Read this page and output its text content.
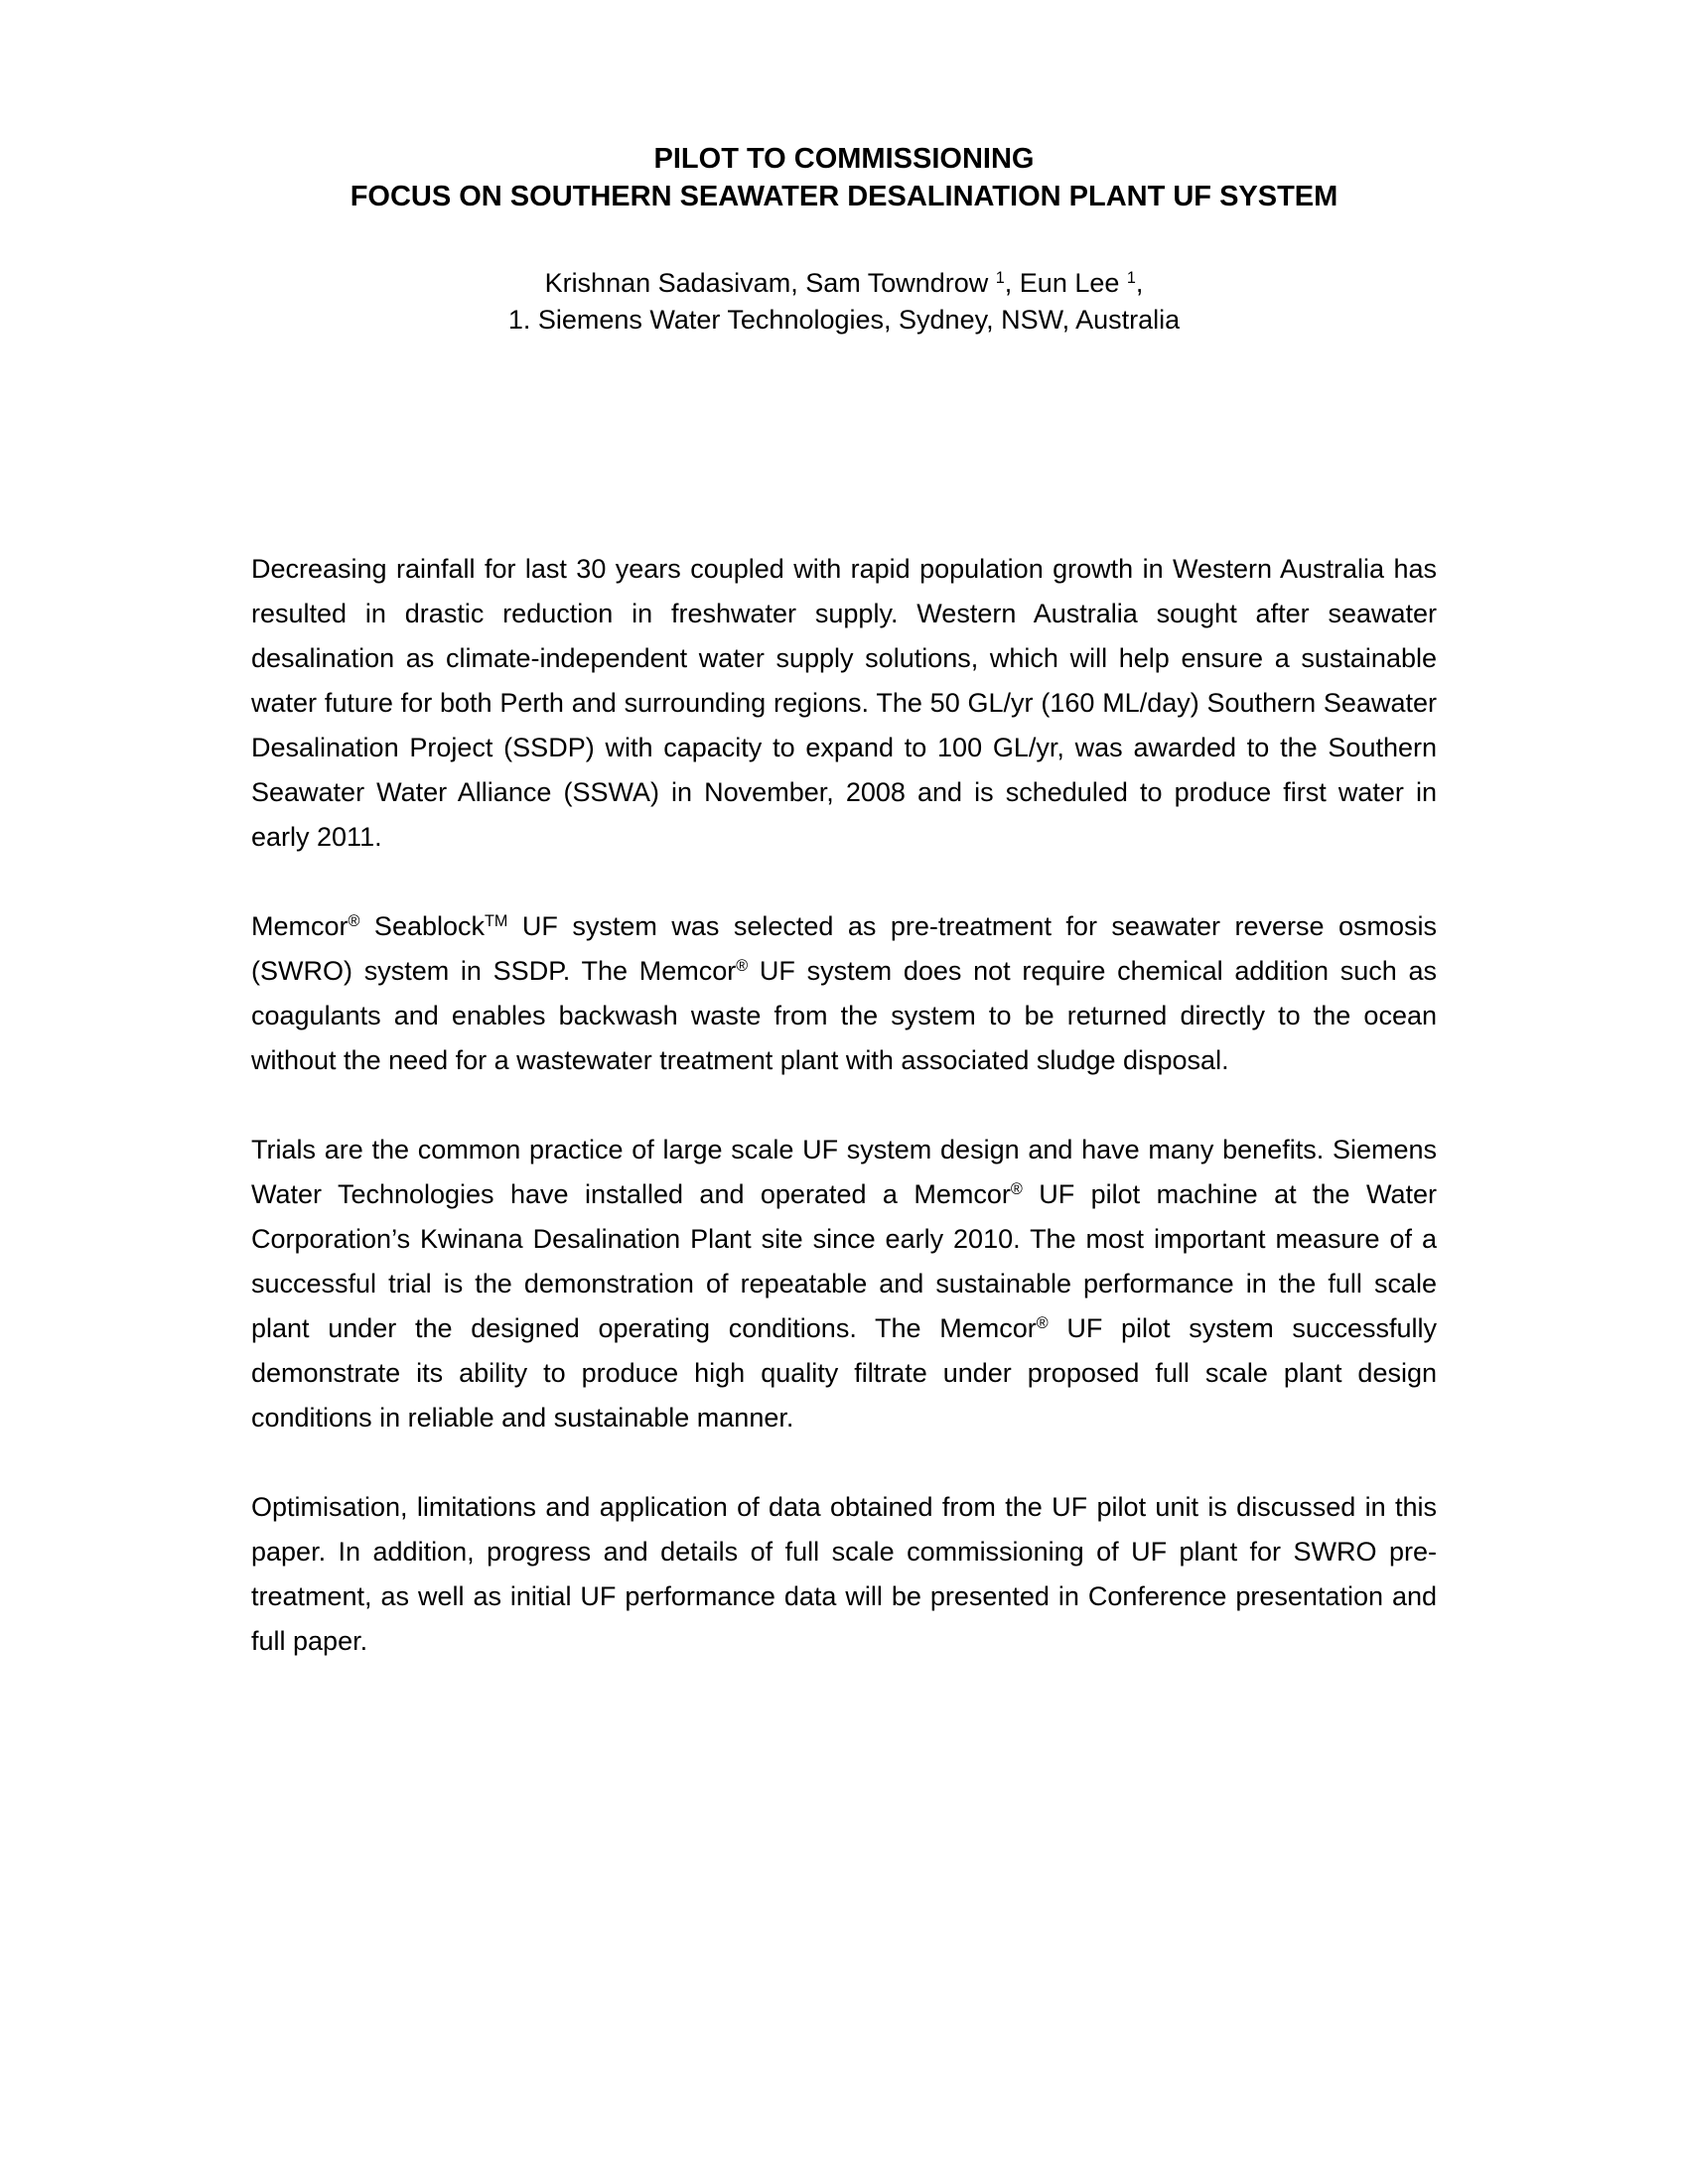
PILOT TO COMMISSIONING
FOCUS ON SOUTHERN SEAWATER DESALINATION PLANT UF SYSTEM

Krishnan Sadasivam, Sam Towndrow $^1$, Eun Lee $^1$,

1. Siemens Water Technologies, Sydney, NSW, Australia

Decreasing rainfall for last 30 years coupled with rapid population growth in Western Australia has resulted in drastic reduction in freshwater supply. Western Australia sought after seawater desalination as climate-independent water supply solutions, which will help ensure a sustainable water future for both Perth and surrounding regions. The 50 GL/yr (160 ML/day) Southern Seawater Desalination Project (SSDP) with capacity to expand to 100 GL/yr, was awarded to the Southern Seawater Water Alliance (SSWA) in November, 2008 and is scheduled to produce first water in early 2011.

Memcor® Seablock™ UF system was selected as pre-treatment for seawater reverse osmosis (SWRO) system in SSDP. The Memcor® UF system does not require chemical addition such as coagulants and enables backwash waste from the system to be returned directly to the ocean without the need for a wastewater treatment plant with associated sludge disposal.

Trials are the common practice of large scale UF system design and have many benefits. Siemens Water Technologies have installed and operated a Memcor® UF pilot machine at the Water Corporation’s Kwinana Desalination Plant site since early 2010. The most important measure of a successful trial is the demonstration of repeatable and sustainable performance in the full scale plant under the designed operating conditions. The Memcor® UF pilot system successfully demonstrate its ability to produce high quality filtrate under proposed full scale plant design conditions in reliable and sustainable manner.

Optimisation, limitations and application of data obtained from the UF pilot unit is discussed in this paper. In addition, progress and details of full scale commissioning of UF plant for SWRO pre-treatment, as well as initial UF performance data will be presented in Conference presentation and full paper.
